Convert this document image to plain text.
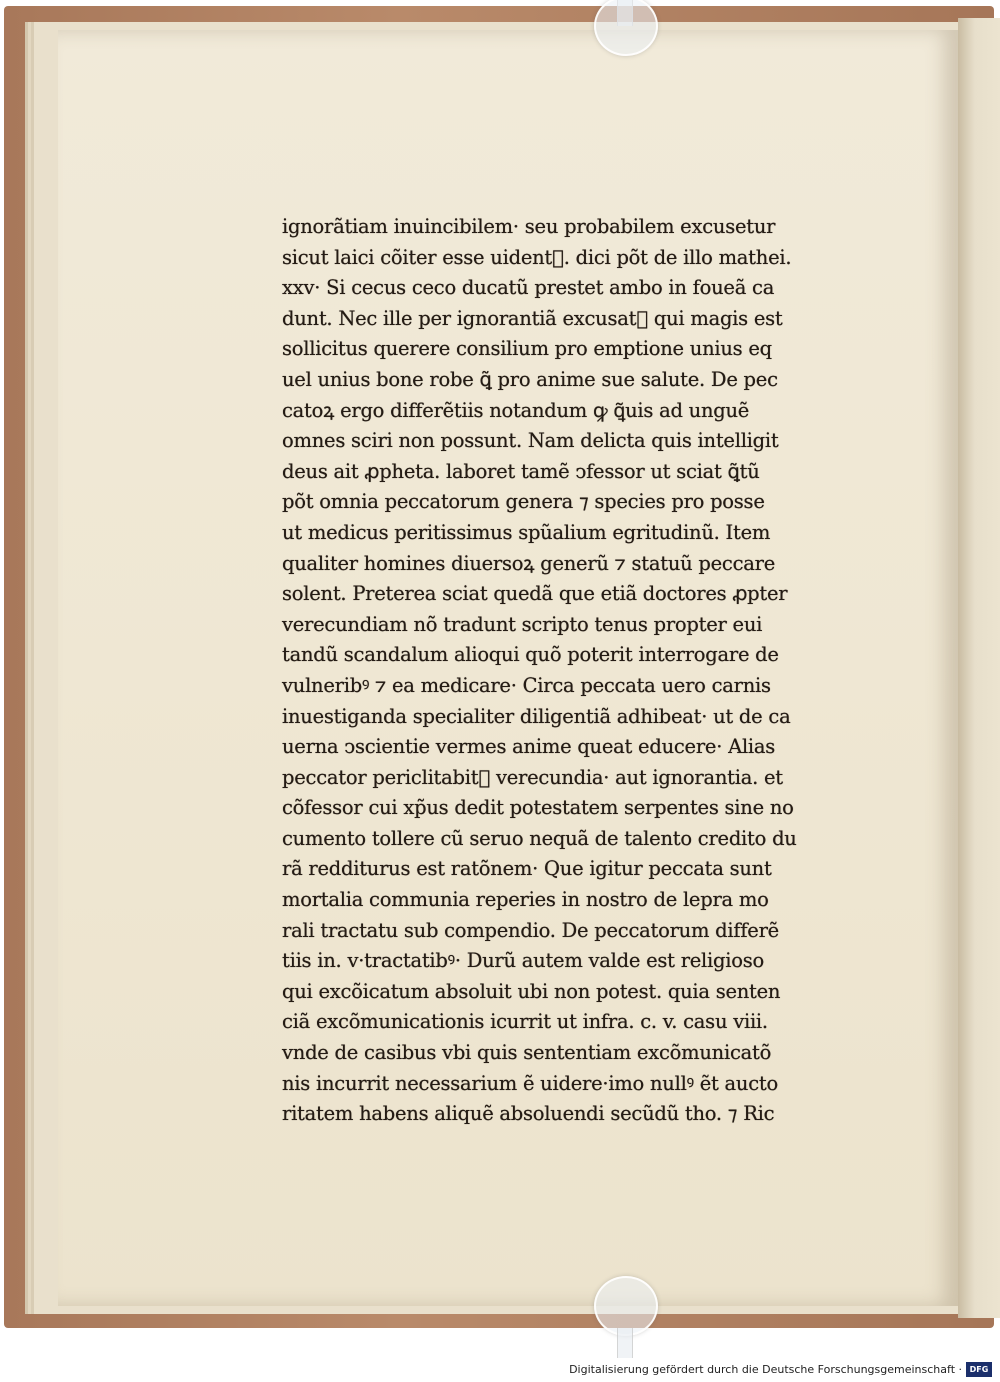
ignorãtiam inuincibilem· seu probabilem excusetur
sicut laici cõiter esse uident᷑. dici põt de illo mathei.
xxv· Si cecus ceco ducatũ prestet ambo in foueã ca
dunt. Nec ille per ignorantiã excusat᷑ qui magis est
sollicitus querere consilium pro emptione unius eq
uel unius bone robe ꝗ̃ pro anime sue salute. De pec
catoꝝ ergo differẽtiis notandum ꝙ ꝗ̃uis ad unguẽ
omnes sciri non possunt. Nam delicta quis intelligit
deus ait ꝓpheta. laboret tamẽ ↄfessor ut sciat ꝗ̃tũ
põt omnia peccatorum genera ⁊ species pro posse
ut medicus peritissimus spũalium egritudinũ. Item
qualiter homines diuersoꝝ generũ ⁊ statuũ peccare
solent. Preterea sciat quedã que etiã doctores ꝓpter
verecundiam nõ tradunt scripto tenus propter eui
tandũ scandalum alioqui quõ poterit interrogare de
vulneribꝰ ⁊ ea medicare· Circa peccata uero carnis
inuestiganda specialiter diligentiã adhibeat· ut de ca
uerna ↄscientie vermes anime queat educere· Alias
peccator periclitabit᷑ verecundia· aut ignorantia. et
cõfessor cui xp̃us dedit potestatem serpentes sine no
cumento tollere cũ seruo nequã de talento credito du
rã redditurus est ratõnem· Que igitur peccata sunt
mortalia communia reperies in nostro de lepra mo
rali tractatu sub compendio. De peccatorum differẽ
tiis in. v·tractatibꝰ· Durũ autem valde est religioso
qui excõicatum absoluit ubi non potest. quia senten
ciã excõmunicationis icurrit ut infra. c. v. casu viii.
vnde de casibus vbi quis sententiam excõmunicatõ
nis incurrit necessarium ẽ uidere·imo nullꝰ ẽt aucto
ritatem habens aliquẽ absoluendi secũdũ tho. ⁊ Ric
Digitalisierung gefördert durch die Deutsche Forschungsgemeinschaft · DFG
